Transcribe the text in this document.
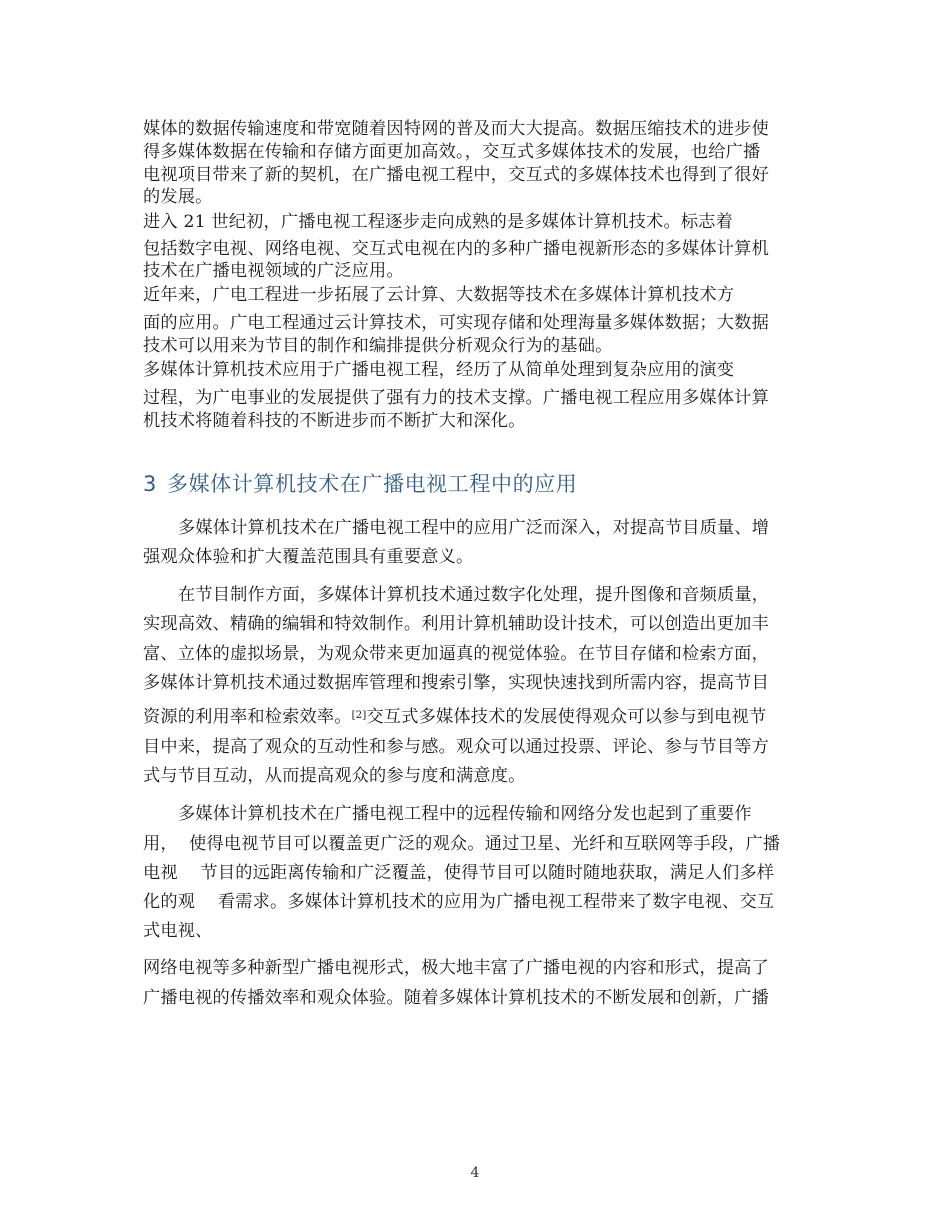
媒体的数据传输速度和带宽随着因特网的普及而大大提高。数据压缩技术的进步使
得多媒体数据在传输和存储方面更加高效。，交互式多媒体技术的发展，也给广播
电视项目带来了新的契机，在广播电视工程中，交互式的多媒体技术也得到了很好
的发展。
进入 21 世纪初，广播电视工程逐步走向成熟的是多媒体计算机技术。标志着
包括数字电视、网络电视、交互式电视在内的多种广播电视新形态的多媒体计算机
技术在广播电视领域的广泛应用。
近年来，广电工程进一步拓展了云计算、大数据等技术在多媒体计算机技术方
面的应用。广电工程通过云计算技术，可实现存储和处理海量多媒体数据；大数据
技术可以用来为节目的制作和编排提供分析观众行为的基础。
多媒体计算机技术应用于广播电视工程，经历了从简单处理到复杂应用的演变
过程，为广电事业的发展提供了强有力的技术支撑。广播电视工程应用多媒体计算
机技术将随着科技的不断进步而不断扩大和深化。
3 多媒体计算机技术在广播电视工程中的应用
多媒体计算机技术在广播电视工程中的应用广泛而深入，对提高节目质量、增
强观众体验和扩大覆盖范围具有重要意义。
在节目制作方面，多媒体计算机技术通过数字化处理，提升图像和音频质量，
实现高效、精确的编辑和特效制作。利用计算机辅助设计技术，可以创造出更加丰
富、立体的虚拟场景，为观众带来更加逼真的视觉体验。在节目存储和检索方面，
多媒体计算机技术通过数据库管理和搜索引擎，实现快速找到所需内容，提高节目
资源的利用率和检索效率。[2]交互式多媒体技术的发展使得观众可以参与到电视节
目中来，提高了观众的互动性和参与感。观众可以通过投票、评论、参与节目等方
式与节目互动，从而提高观众的参与度和满意度。
多媒体计算机技术在广播电视工程中的远程传输和网络分发也起到了重要作
用，  使得电视节目可以覆盖更广泛的观众。通过卫星、光纤和互联网等手段，广播
电视    节目的远距离传输和广泛覆盖，使得节目可以随时随地获取，满足人们多样
化的观    看需求。多媒体计算机技术的应用为广播电视工程带来了数字电视、交互
式电视、
网络电视等多种新型广播电视形式，极大地丰富了广播电视的内容和形式，提高了
广播电视的传播效率和观众体验。随着多媒体计算机技术的不断发展和创新，广播
4
